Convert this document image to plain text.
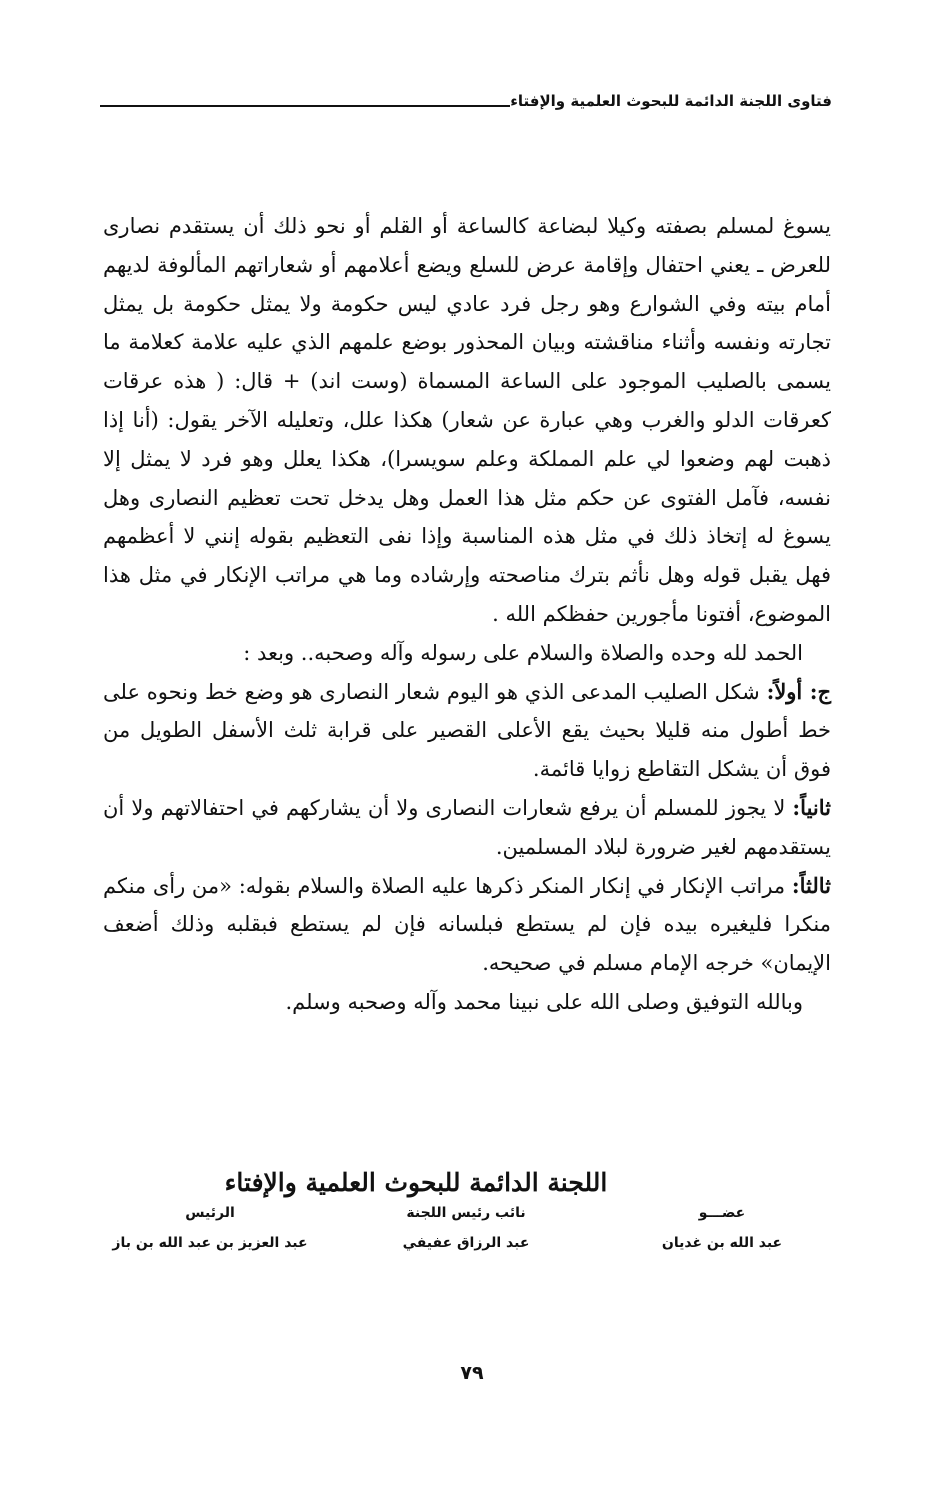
فتاوى اللجنة الدائمة للبحوث العلمية والإفتاء

يسوغ لمسلم بصفته وكيلا لبضاعة كالساعة أو القلم أو نحو ذلك أن يستقدم نصارى للعرض ـ يعني احتفال وإقامة عرض للسلع ويضع أعلامهم أو شعاراتهم المألوفة لديهم أمام بيته وفي الشوارع وهو رجل فرد عادي ليس حكومة ولا يمثل حكومة بل يمثل تجارته ونفسه وأثناء مناقشته وبيان المحذور بوضع علمهم الذي عليه علامة كعلامة ما يسمى بالصليب الموجود على الساعة المسماة (وست اند) + قال: ( هذه عرقات كعرقات الدلو والغرب وهي عبارة عن شعار) هكذا علل، وتعليله الآخر يقول: (أنا إذا ذهبت لهم وضعوا لي علم المملكة وعلم سويسرا)، هكذا يعلل وهو فرد لا يمثل إلا نفسه، فآمل الفتوى عن حكم مثل هذا العمل وهل يدخل تحت تعظيم النصارى وهل يسوغ له إتخاذ ذلك في مثل هذه المناسبة وإذا نفى التعظيم بقوله إنني لا أعظمهم فهل يقبل قوله وهل نأثم بترك مناصحته وإرشاده وما هي مراتب الإنكار في مثل هذا الموضوع، أفتونا مأجورين حفظكم الله .

الحمد لله وحده والصلاة والسلام على رسوله وآله وصحبه.. وبعد :

ج: أولاً: شكل الصليب المدعى الذي هو اليوم شعار النصارى هو وضع خط ونحوه على خط أطول منه قليلا بحيث يقع الأعلى القصير على قرابة ثلث الأسفل الطويل من فوق أن يشكل التقاطع زوايا قائمة.

ثانياً: لا يجوز للمسلم أن يرفع شعارات النصارى ولا أن يشاركهم في احتفالاتهم ولا أن يستقدمهم لغير ضرورة لبلاد المسلمين.

ثالثاً: مراتب الإنكار في إنكار المنكر ذكرها عليه الصلاة والسلام بقوله: «من رأى منكم منكرا فليغيره بيده فإن لم يستطع فبلسانه فإن لم يستطع فبقلبه وذلك أضعف الإيمان» خرجه الإمام مسلم في صحيحه.

وبالله التوفيق وصلى الله على نبينا محمد وآله وصحبه وسلم.

اللجنة الدائمة للبحوث العلمية والإفتاء
عضـــو
عبد الله بن غديان
نائب رئيس اللجنة
عبد الرزاق عفيفي
الرئيس
عبد العزيز بن عبد الله بن باز
٧٩
